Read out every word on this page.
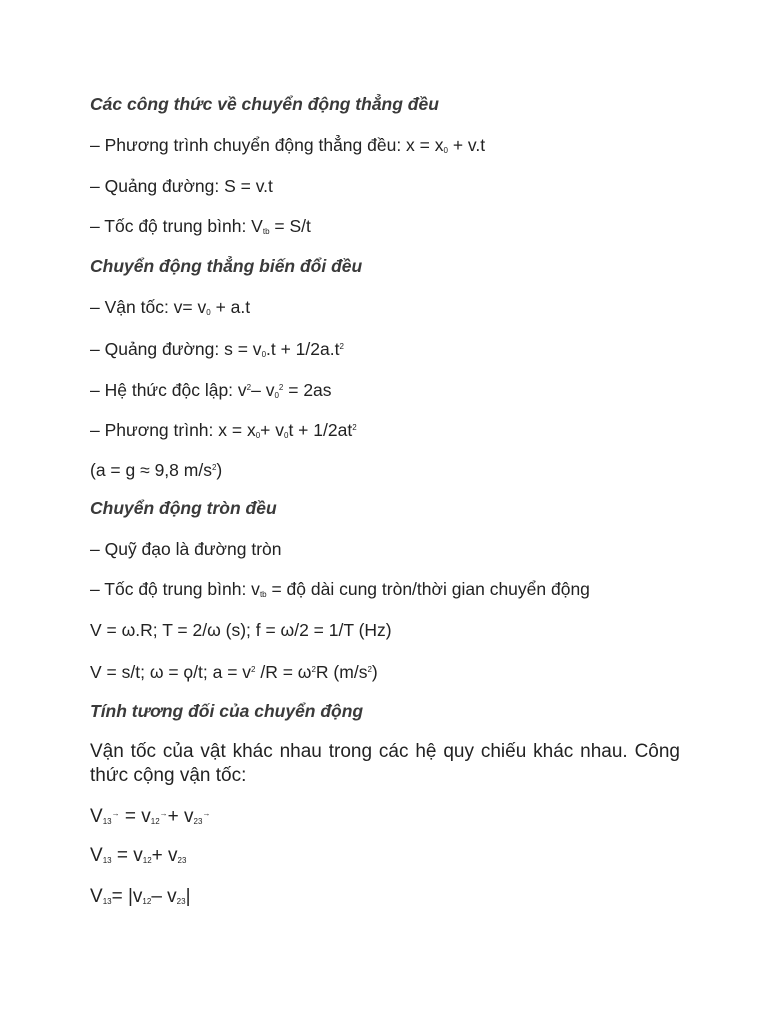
Các công thức về chuyển động thẳng đều
– Phương trình chuyển động thẳng đều: $x = x_0 + v.t$
– Quảng đường: S = v.t
– Tốc độ trung bình: $V_{tb} = S/t$
Chuyển động thẳng biến đổi đều
– Vận tốc: $v= v_0 + a.t$
– Quảng đường: $s = v_0.t + 1/2a.t^2$
– Hệ thức độc lập: $v^2-$ $v_0^2 = 2as$
– Phương trình: $x = x_0+ v_0t + 1/2at^2$
(a = g ≈ 9,8 $m/s^2$)
Chuyển động tròn đều
– Quỹ đạo là đường tròn
– Tốc độ trung bình: $v_{tb}$ = độ dài cung tròn/thời gian chuyển động
V = ω.R; T = 2/ω (s); f = ω/2 = 1/T (Hz)
V = s/t; ω = ϙ/t; $a = v^2$ $/R = \omega^2R$ $(m/s^2)$
Tính tương đối của chuyển động
Vận tốc của vật khác nhau trong các hệ quy chiếu khác nhau. Công thức cộng vận tốc:
$V_{13}^\to = v_{12}^\to+ v_{23}^\to$
$V_{13} = v_{12}+ v_{23}$
$V_{13}= |v_{12}-$ $v_{23}|$
